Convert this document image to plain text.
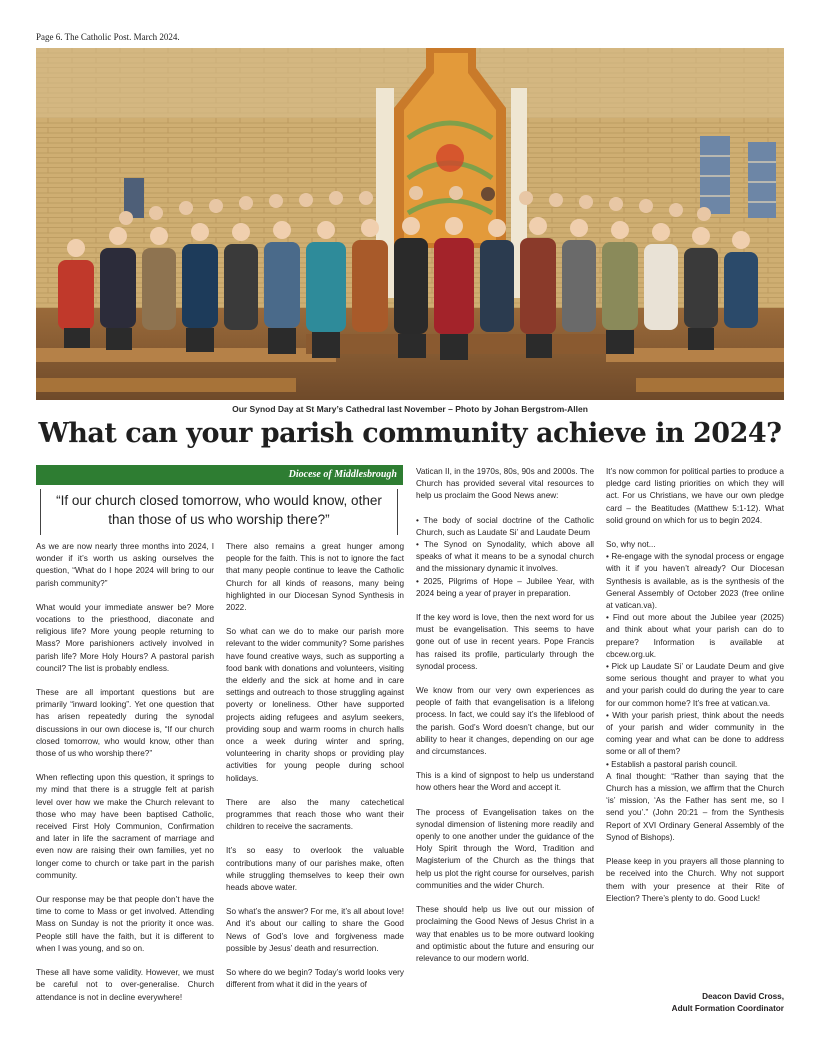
Page 6. The Catholic Post. March 2024.
Our Synod Day at St Mary’s Cathedral last November – Photo by Johan Bergstrom-Allen
What can your parish community achieve in 2024?
Diocese of Middlesbrough
“If our church closed tomorrow, who would know, other than those of us who worship there?”

As we are now nearly three months into 2024, I wonder if it’s worth us asking ourselves the question, “What do I hope 2024 will bring to our parish community?”

What would your immediate answer be? More vocations to the priesthood, diaconate and religious life? More young people returning to Mass? More parishioners actively involved in parish life? More Holy Hours? A pastoral parish council? The list is probably endless.

These are all important questions but are primarily “inward looking”. Yet one question that has arisen repeatedly during the synodal discussions in our own diocese is, “If our church closed tomorrow, who would know, other than those of us who worship there?”

When reflecting upon this question, it springs to my mind that there is a struggle felt at parish level over how we make the Church relevant to those who may have been baptised Catholic, received First Holy Communion, Confirmation and later in life the sacrament of marriage and even now are raising their own families, yet no longer come to church or take part in the parish community.

Our response may be that people don’t have the time to come to Mass or get involved. Attending Mass on Sunday is not the priority it once was. People still have the faith, but it is different to when I was young, and so on.

These all have some validity. However, we must be careful not to over-generalise. Church attendance is not in decline everywhere!

There also remains a great hunger among people for the faith. This is not to ignore the fact that many people continue to leave the Catholic Church for all kinds of reasons, many being highlighted in our Diocesan Synod Synthesis in 2022.

So what can we do to make our parish more relevant to the wider community? Some parishes have found creative ways, such as supporting a food bank with donations and volunteers, visiting the elderly and the sick at home and in care settings and outreach to those struggling against poverty or loneliness. Other have supported projects aiding refugees and asylum seekers, providing soup and warm rooms in church halls once a week during winter and spring, volunteering in charity shops or providing play activities for young people during school holidays.

There are also the many catechetical programmes that reach those who want their children to receive the sacraments.

It’s so easy to overlook the valuable contributions many of our parishes make, often while struggling themselves to keep their own heads above water.

So what’s the answer? For me, it’s all about love! And it’s about our calling to share the Good News of God’s love and forgiveness made possible by Jesus’ death and resurrection.

So where do we begin? Today’s world looks very different from what it did in the years of

Vatican II, in the 1970s, 80s, 90s and 2000s. The Church has provided several vital resources to help us proclaim the Good News anew:

• The body of social doctrine of the Catholic Church, such as Laudate Si’ and Laudate Deum

• The Synod on Synodality, which above all speaks of what it means to be a synodal church and the missionary dynamic it involves.

• 2025, Pilgrims of Hope – Jubilee Year, with 2024 being a year of prayer in preparation.

If the key word is love, then the next word for us must be evangelisation. This seems to have gone out of use in recent years. Pope Francis has raised its profile, particularly through the synodal process.

We know from our very own experiences as people of faith that evangelisation is a lifelong process. In fact, we could say it’s the lifeblood of the parish. God’s Word doesn’t change, but our ability to hear it changes, depending on our age and circumstances.

This is a kind of signpost to help us understand how others hear the Word and accept it.

The process of Evangelisation takes on the synodal dimension of listening more readily and openly to one another under the guidance of the Holy Spirit through the Word, Tradition and Magisterium of the Church as the things that help us plot the right course for ourselves, parish communities and the wider Church.

These should help us live out our mission of proclaiming the Good News of Jesus Christ in a way that enables us to be more outward looking and optimistic about the future and ensuring our relevance to our modern world.

It’s now common for political parties to produce a pledge card listing priorities on which they will act. For us Christians, we have our own pledge card – the Beatitudes (Matthew 5:1-12). What solid ground on which for us to begin 2024.

So, why not...

• Re-engage with the synodal process or engage with it if you haven’t already? Our Diocesan Synthesis is available, as is the synthesis of the General Assembly of October 2023 (free online at vatican.va).

• Find out more about the Jubilee year (2025) and think about what your parish can do to prepare? Information is available at cbcew.org.uk.

• Pick up Laudate Si’ or Laudate Deum and give some serious thought and prayer to what you and your parish could do during the year to care for our common home? It’s free at vatican.va.

• With your parish priest, think about the needs of your parish and wider community in the coming year and what can be done to address some or all of them?

• Establish a pastoral parish council.

A final thought: “Rather than saying that the Church has a mission, we affirm that the Church ‘is’ mission, ‘As the Father has sent me, so I send you’.” (John 20:21 – from the Synthesis Report of XVI Ordinary General Assembly of the Synod of Bishops).

Please keep in you prayers all those planning to be received into the Church. Why not support them with your presence at their Rite of Election? There’s plenty to do. Good Luck!

Deacon David Cross,
Adult Formation Coordinator
